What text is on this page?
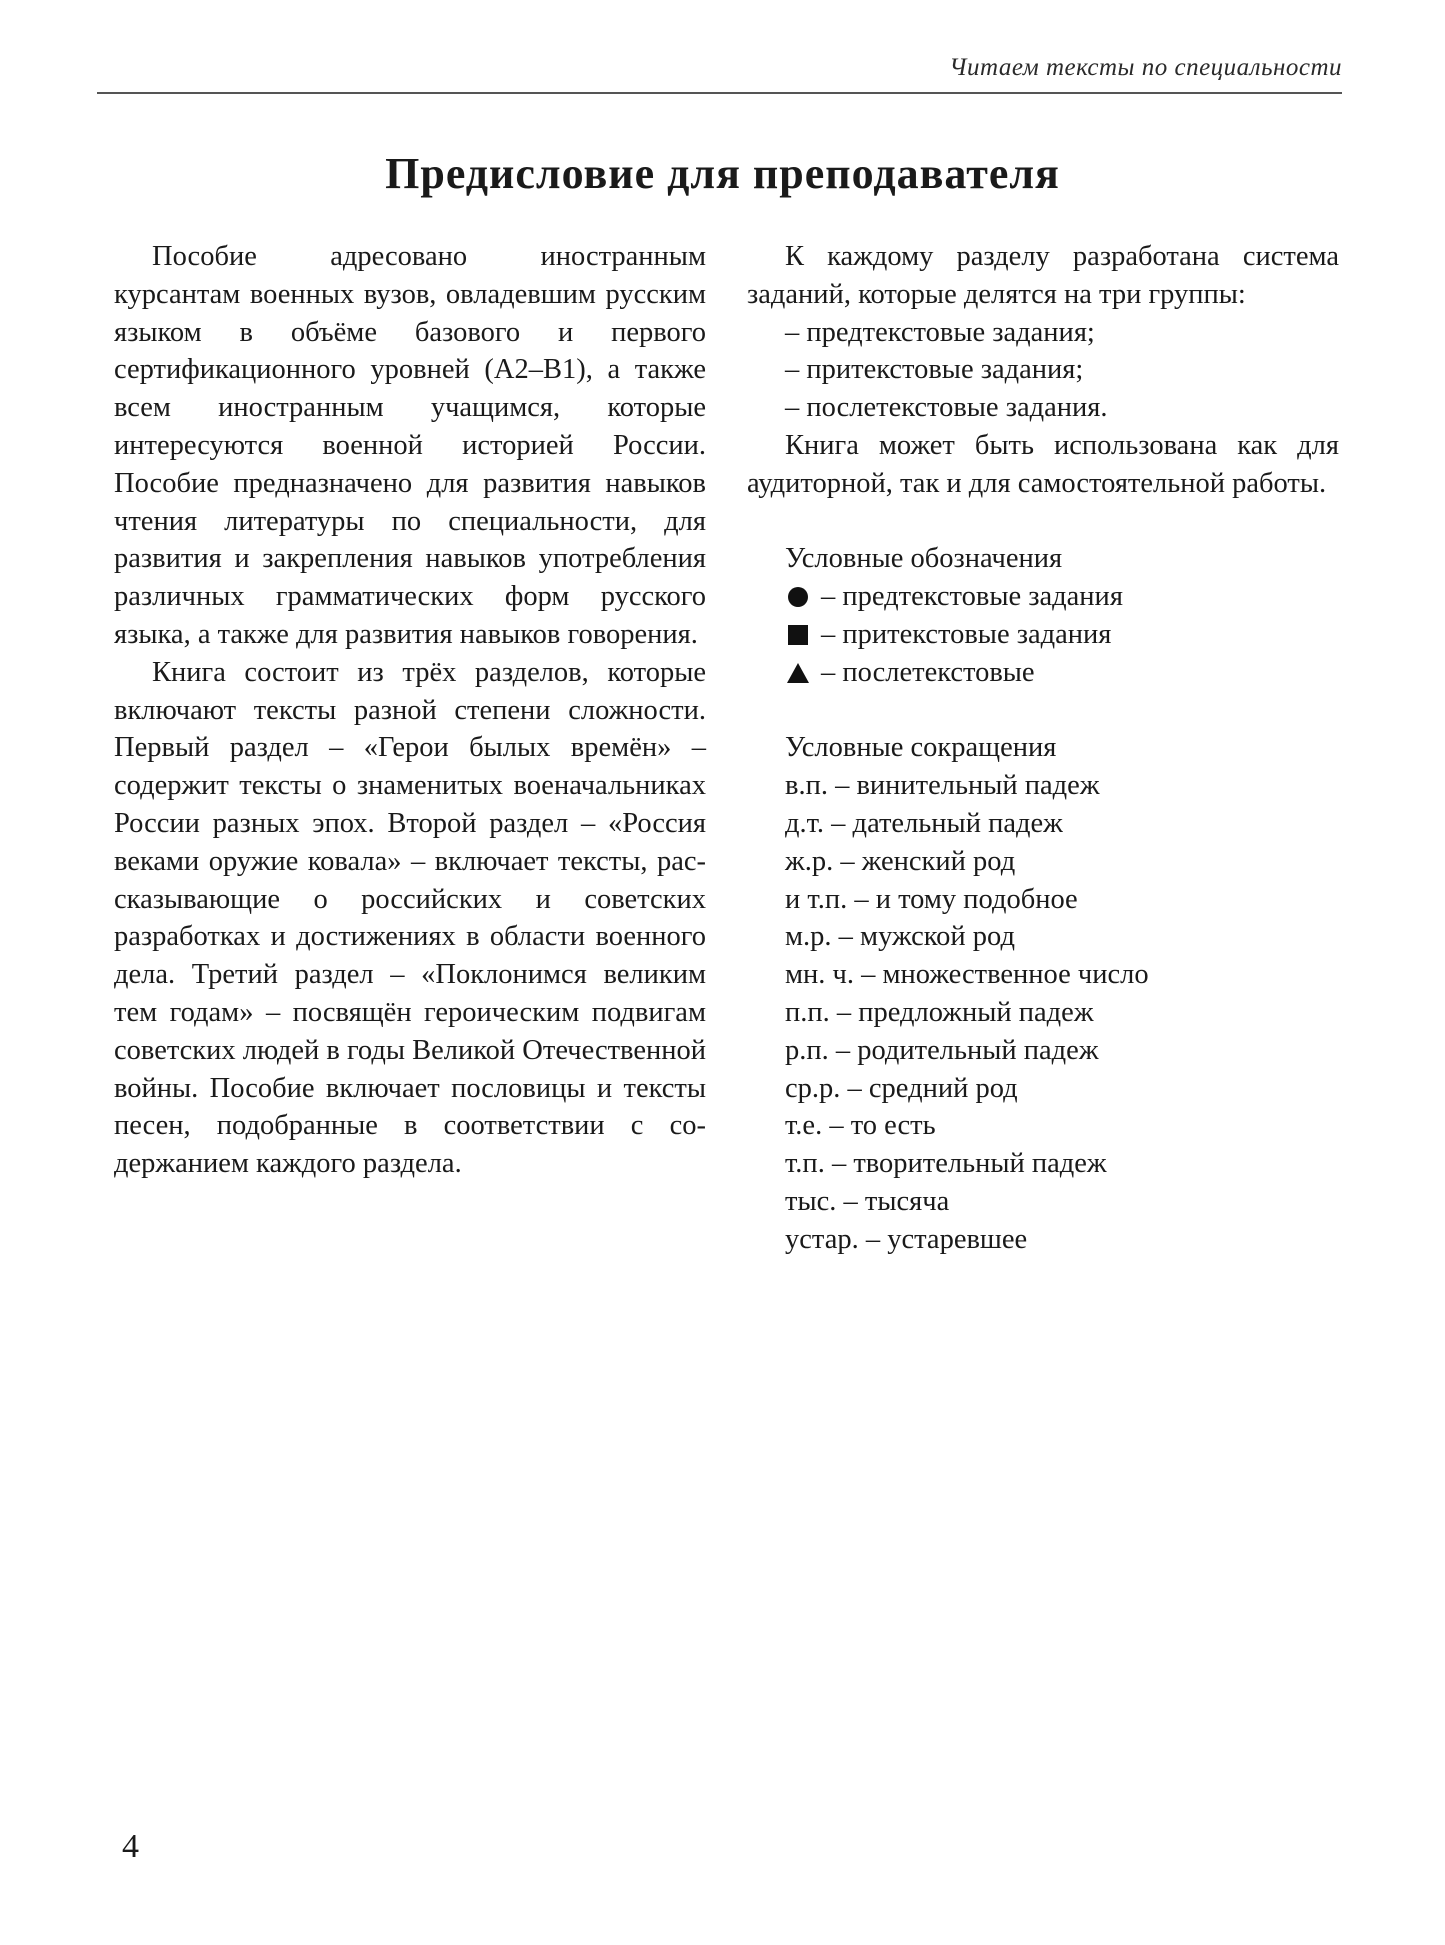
Читаем тексты по специальности
Предисловие для преподавателя

Пособие адресовано иностранным курсантам военных вузов, овладевшим русским языком в объёме базового и первого сертификационного уровней (А2–В1), а также всем иностранным учащимся, которые интересуются военной историей России. Пособие предназначено для развития навыков чтения литературы по специальности, для развития и закрепления навыков употребления различных грамматических форм русского языка, а также для развития навыков говорения.

Книга состоит из трёх разделов, которые включают тексты разной степени сложности. Первый раздел – «Герои былых времён» – содержит тексты о знаменитых военачальниках России разных эпох. Второй раздел – «Россия веками оружие ковала» – включает тексты, рассказывающие о российских и советских разработках и достижениях в области военного дела. Третий раздел – «Поклонимся великим тем годам» – посвящён героическим подвигам советских людей в годы Великой Отечественной войны. Пособие включает пословицы и тексты песен, подобранные в соответствии с содержанием каждого раздела.

К каждому разделу разработана система заданий, которые делятся на три группы:

– предтекстовые задания;
– притекстовые задания;
– послетекстовые задания.

Книга может быть использована как для аудиторной, так и для самостоятельной работы.

Условные обозначения
– предтекстовые задания
– притекстовые задания
– послетекстовые
Условные сокращения
в.п. – винительный падеж
д.т. – дательный падеж
ж.р. – женский род
и т.п. – и тому подобное
м.р. – мужской род
мн. ч. – множественное число
п.п. – предложный падеж
р.п. – родительный падеж
ср.р. – средний род
т.е. – то есть
т.п. – творительный падеж
тыс. – тысяча
устар. – устаревшее
4
